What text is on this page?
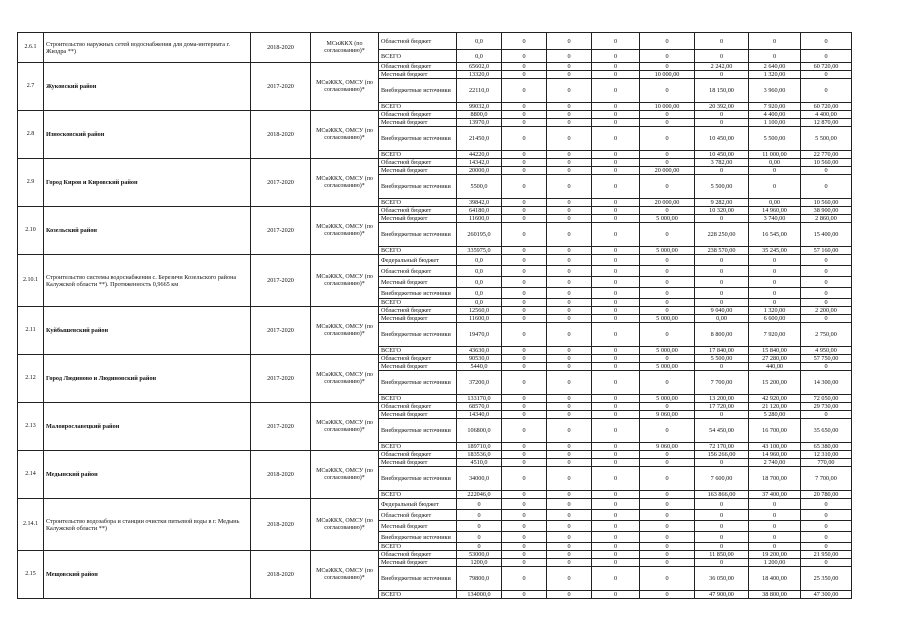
2.6.1	Строительство наружных сетей водоснабжения для дома-интерната г. Жиздра **)	2018-2020	МСиЖКХ (по согласованию)*	Областной бюджет	0,0	0	0	0	0	0	0	0
				ВСЕГО	0,0	0	0	0	0	0	0	0
2.7	Жуковский район	2017-2020	МСиЖКХ, ОМСУ (по согласованию)*	Областной бюджет	65602,0	0	0	0	0	2 242,00	2 640,00	60 720,00
				Местный бюджет	13320,0	0	0	0	10 000,00	0	1 320,00	0
				Внебюджетные источники	22110,0	0	0	0	0	18 150,00	3 960,00	0
				ВСЕГО	99032,0	0	0	0	10 000,00	20 392,00	7 920,00	60 720,00
2.8	Износковский район	2018-2020	МСиЖКХ, ОМСУ (по согласованию)*	Областной бюджет	8800,0	0	0	0	0	0	4 400,00	4 400,00
				Местный бюджет	13970,0	0	0	0	0	0	1 100,00	12 870,00
				Внебюджетные источники	21450,0	0	0	0	0	10 450,00	5 500,00	5 500,00
				ВСЕГО	44220,0	0	0	0	0	10 450,00	11 000,00	22 770,00
2.9	Город Киров и Кировский район	2017-2020	МСиЖКХ, ОМСУ (по согласованию)*	Областной бюджет	14342,0	0	0	0	0	3 782,00	0,00	10 560,00
				Местный бюджет	20000,0	0	0	0	20 000,00	0	0	0
				Внебюджетные источники	5500,0	0	0	0	0	5 500,00	0	0
				ВСЕГО	39842,0	0	0	0	20 000,00	9 282,00	0,00	10 560,00
2.10	Козельский район	2017-2020	МСиЖКХ, ОМСУ (по согласованию)*	Областной бюджет	64180,0	0	0	0	0	10 320,00	14 960,00	38 900,00
				Местный бюджет	11600,0	0	0	0	5 000,00	0	3 740,00	2 860,00
				Внебюджетные источники	260195,0	0	0	0	0	228 250,00	16 545,00	15 400,00
				ВСЕГО	335975,0	0	0	0	5 000,00	238 570,00	35 245,00	57 160,00
2.10.1	Строительство системы водоснабжения с. Березичи Козельского района Калужской области **). Протяженность 0,9665 км	2017-2020	МСиЖКХ, ОМСУ (по согласованию)*	Федеральный бюджет	0,0	0	0	0	0	0	0	0
				Областной бюджет	0,0	0	0	0	0	0	0	0
				Местный бюджет	0,0	0	0	0	0	0	0	0
				Внебюджетные источники	0,0	0	0	0	0	0	0	0
				ВСЕГО	0,0	0	0	0	0	0	0	0
2.11	Куйбышевский район	2017-2020	МСиЖКХ, ОМСУ (по согласованию)*	Областной бюджет	12560,0	0	0	0	0	9 040,00	1 320,00	2 200,00
				Местный бюджет	11600,0	0	0	0	5 000,00	0,00	6 600,00	0
				Внебюджетные источники	19470,0	0	0	0	0	8 800,00	7 920,00	2 750,00
				ВСЕГО	43630,0	0	0	0	5 000,00	17 840,00	15 840,00	4 950,00
2.12	Город Людиново и Людиновский район	2017-2020	МСиЖКХ, ОМСУ (по согласованию)*	Областной бюджет	90530,0	0	0	0	0	5 500,00	27 280,00	57 750,00
				Местный бюджет	5440,0	0	0	0	5 000,00	0	440,00	0
				Внебюджетные источники	37200,0	0	0	0	0	7 700,00	15 200,00	14 300,00
				ВСЕГО	133170,0	0	0	0	5 000,00	13 200,00	42 920,00	72 050,00
2.13	Малоярославецкий район	2017-2020	МСиЖКХ, ОМСУ (по согласованию)*	Областной бюджет	68570,0	0	0	0	0	17 720,00	21 120,00	29 730,00
				Местный бюджет	14340,0	0	0	0	9 060,00	0	5 280,00	0
				Внебюджетные источники	106800,0	0	0	0	0	54 450,00	16 700,00	35 650,00
				ВСЕГО	189710,0	0	0	0	9 060,00	72 170,00	43 100,00	65 380,00
2.14	Медынский район	2018-2020	МСиЖКХ, ОМСУ (по согласованию)*	Областной бюджет	183536,0	0	0	0	0	156 266,00	14 960,00	12 310,00
				Местный бюджет	4510,0	0	0	0	0	0	2 740,00	770,00
				Внебюджетные источники	34000,0	0	0	0	0	7 600,00	18 700,00	7 700,00
				ВСЕГО	222046,0	0	0	0	0	163 866,00	37 400,00	20 780,00
2.14.1	Строительство водозабора и станции очистки питьевой воды в г. Медынь Калужской области **)	2018-2020	МСиЖКХ, ОМСУ (по согласованию)*	Федеральный бюджет	0	0	0	0	0	0	0	0
				Областной бюджет	0	0	0	0	0	0	0	0
				Местный бюджет	0	0	0	0	0	0	0	0
				Внебюджетные источники	0	0	0	0	0	0	0	0
				ВСЕГО	0	0	0	0	0	0	0	0
2.15	Мещовский район	2018-2020	МСиЖКХ, ОМСУ (по согласованию)*	Областной бюджет	53000,0	0	0	0	0	11 850,00	19 200,00	21 950,00
				Местный бюджет	1200,0	0	0	0	0	0	1 200,00	0
				Внебюджетные источники	79800,0	0	0	0	0	36 050,00	18 400,00	25 350,00
				ВСЕГО	134000,0	0	0	0	0	47 900,00	38 800,00	47 300,00
